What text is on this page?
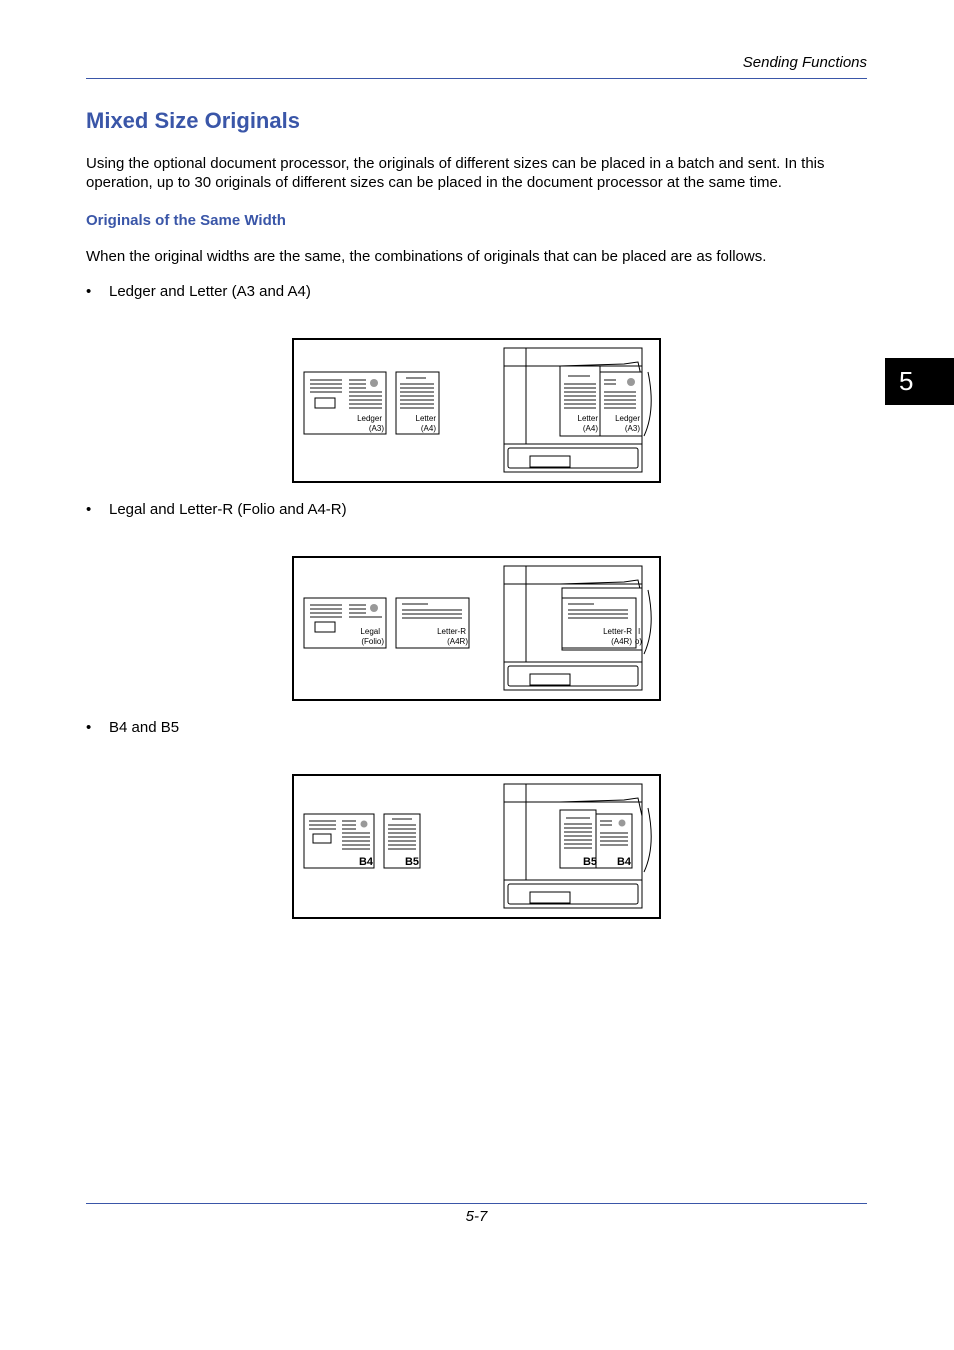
Sending Functions
5
Mixed Size Originals

Using the optional document processor, the originals of different sizes can be placed in a batch and sent. In this operation, up to 30 originals of different sizes can be placed in the document processor at the same time.

Originals of the Same Width

When the original widths are the same, the combinations of originals that can be placed are as follows.

• Ledger and Letter (A3 and A4)
Ledger
(A3)
Letter
(A4)
Letter
(A4)
Ledger
(A3)
• Legal and Letter-R (Folio and A4-R)
Legal
(Folio)
Letter-R
(A4R)
Letter-R
(A4R)
l
o)
• B4 and B5
B4	B5	B5 B4
5-7
